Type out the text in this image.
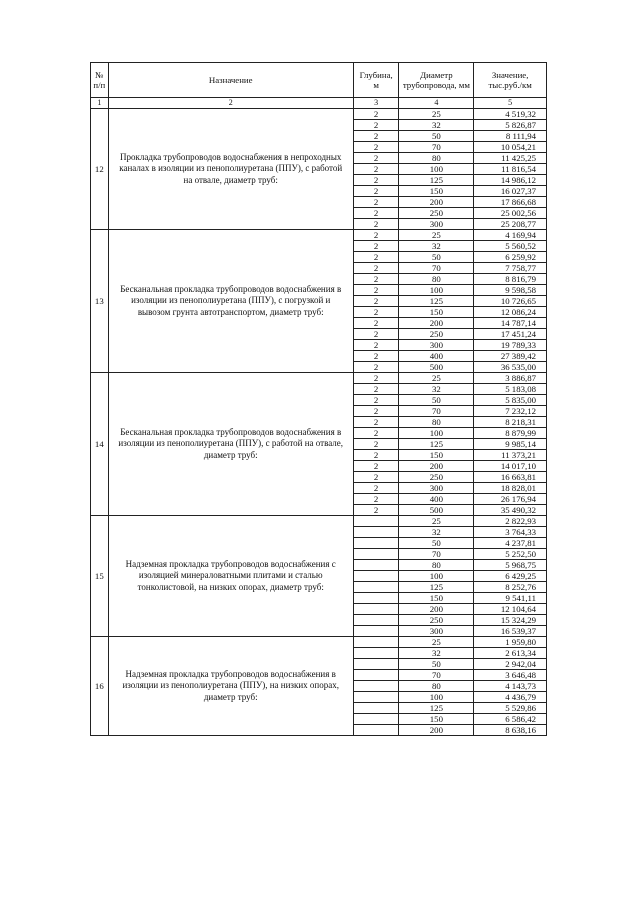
№ п/п	Назначение	Глубина, м	Диаметр трубопровода, мм	Значение, тыс.руб./км
1	2	3	4	5
12	Прокладка трубопроводов водоснабжения в непроходных каналах в изоляции из пенополиуретана (ППУ), с работой на отвале, диаметр труб:	2	25	4 519,32
		2	32	5 826,87
		2	50	8 111,94
		2	70	10 054,21
		2	80	11 425,25
		2	100	11 816,54
		2	125	14 986,12
		2	150	16 027,37
		2	200	17 866,68
		2	250	25 002,56
		2	300	25 208,77
13	Бесканальная прокладка трубопроводов водоснабжения в изоляции из пенополиуретана (ППУ), с погрузкой и вывозом грунта автотранспортом, диаметр труб:	2	25	4 169,94
		2	32	5 560,52
		2	50	6 259,92
		2	70	7 758,77
		2	80	8 816,79
		2	100	9 598,58
		2	125	10 726,65
		2	150	12 086,24
		2	200	14 787,14
		2	250	17 451,24
		2	300	19 789,33
		2	400	27 389,42
		2	500	36 535,00
14	Бесканальная прокладка трубопроводов водоснабжения в изоляции из пенополиуретана (ППУ), с работой на отвале, диаметр труб:	2	25	3 886,87
		2	32	5 183,08
		2	50	5 835,00
		2	70	7 232,12
		2	80	8 218,31
		2	100	8 879,99
		2	125	9 985,14
		2	150	11 373,21
		2	200	14 017,10
		2	250	16 663,81
		2	300	18 828,01
		2	400	26 176,94
		2	500	35 490,32
15	Надземная прокладка трубопроводов водоснабжения с изоляцией минераловатными плитами и сталью тонколистовой, на низких опорах, диаметр труб:		25	2 822,93
			32	3 764,33
			50	4 237,81
			70	5 252,50
			80	5 968,75
			100	6 429,25
			125	8 252,76
			150	9 541,11
			200	12 104,64
			250	15 324,29
			300	16 539,37
16	Надземная прокладка трубопроводов водоснабжения в изоляции из пенополиуретана (ППУ), на низких опорах, диаметр труб:		25	1 959,80
			32	2 613,34
			50	2 942,04
			70	3 646,48
			80	4 143,73
			100	4 436,79
			125	5 529,86
			150	6 586,42
			200	8 638,16
